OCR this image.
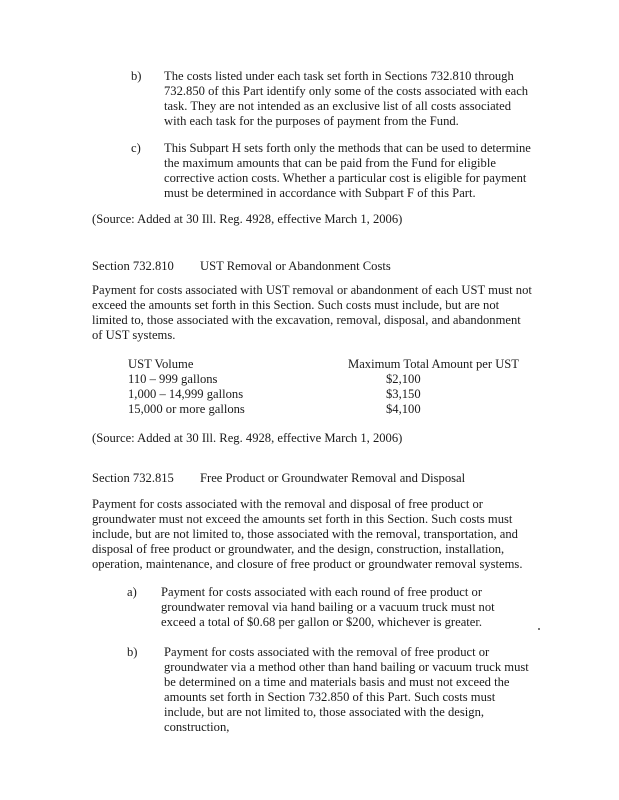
b) The costs listed under each task set forth in Sections 732.810 through 732.850 of this Part identify only some of the costs associated with each task. They are not intended as an exclusive list of all costs associated with each task for the purposes of payment from the Fund.

c) This Subpart H sets forth only the methods that can be used to determine the maximum amounts that can be paid from the Fund for eligible corrective action costs. Whether a particular cost is eligible for payment must be determined in accordance with Subpart F of this Part.

(Source: Added at 30 Ill. Reg. 4928, effective March 1, 2006)
Section 732.810 UST Removal or Abandonment Costs

Payment for costs associated with UST removal or abandonment of each UST must not exceed the amounts set forth in this Section. Such costs must include, but are not limited to, those associated with the excavation, removal, disposal, and abandonment of UST systems.

UST Volume	Maximum Total Amount per UST
110 – 999 gallons	$2,100
1,000 – 14,999 gallons	$3,150
15,000 or more gallons	$4,100
(Source: Added at 30 Ill. Reg. 4928, effective March 1, 2006)
Section 732.815 Free Product or Groundwater Removal and Disposal

Payment for costs associated with the removal and disposal of free product or groundwater must not exceed the amounts set forth in this Section. Such costs must include, but are not limited to, those associated with the removal, transportation, and disposal of free product or groundwater, and the design, construction, installation, operation, maintenance, and closure of free product or groundwater removal systems.

a) Payment for costs associated with each round of free product or groundwater removal via hand bailing or a vacuum truck must not exceed a total of $0.68 per gallon or $200, whichever is greater.

b) Payment for costs associated with the removal of free product or groundwater via a method other than hand bailing or vacuum truck must be determined on a time and materials basis and must not exceed the amounts set forth in Section 732.850 of this Part. Such costs must include, but are not limited to, those associated with the design, construction,
